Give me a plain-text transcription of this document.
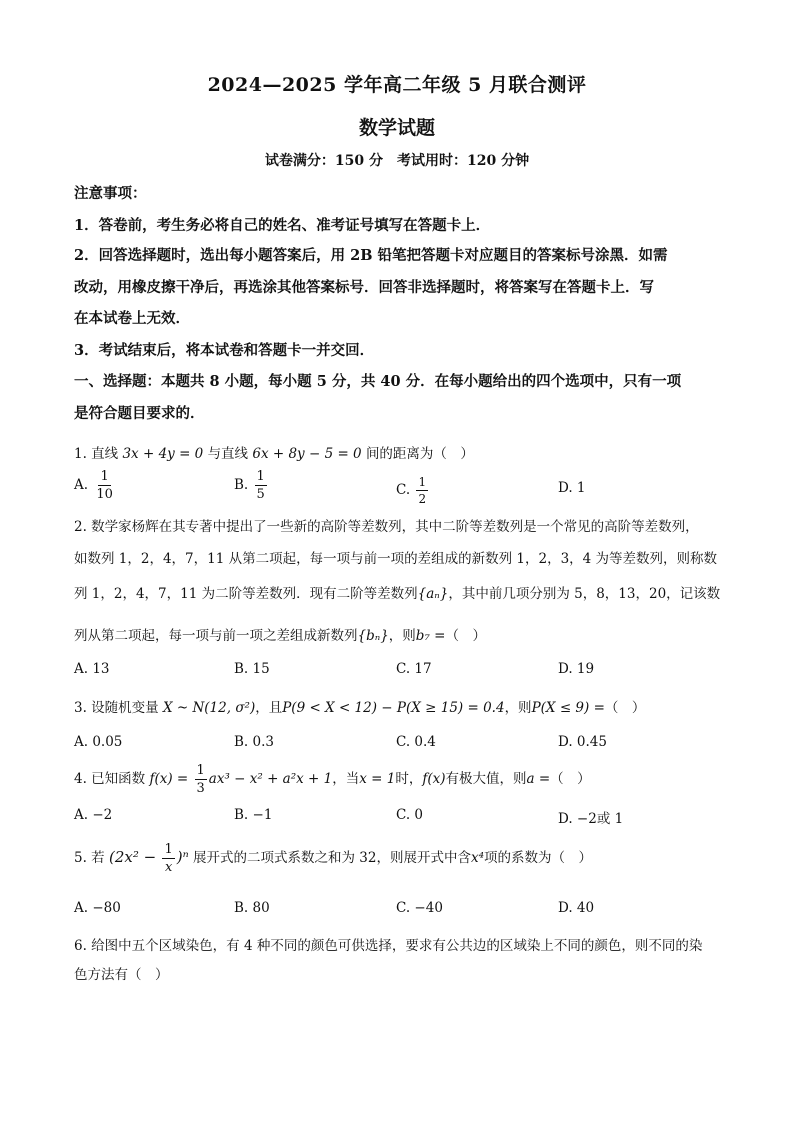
2024—2025 学年高二年级 5 月联合测评
数学试题
试卷满分：150 分　考试用时：120 分钟
注意事项：
1．答卷前，考生务必将自己的姓名、准考证号填写在答题卡上．
2．回答选择题时，选出每小题答案后，用 2B 铅笔把答题卡对应题目的答案标号涂黑．如需
改动，用橡皮擦干净后，再选涂其他答案标号．回答非选择题时，将答案写在答题卡上．写
在本试卷上无效．
3．考试结束后，将本试卷和答题卡一并交回．
一、选择题：本题共 8 小题，每小题 5 分，共 40 分．在每小题给出的四个选项中，只有一项
是符合题目要求的．
1. 直线 3x + 4y = 0 与直线 6x + 8y − 5 = 0 间的距离为（　）
A. $\frac{1}{10}$	B. $\frac{1}{5}$	C. $\frac{1}{2}$	D. 1
2. 数学家杨辉在其专著中提出了一些新的高阶等差数列，其中二阶等差数列是一个常见的高阶等差数列，
如数列 1，2，4，7，11 从第二项起，每一项与前一项的差组成的新数列 1，2，3，4 为等差数列，则称数
列 1，2，4，7，11 为二阶等差数列．现有二阶等差数列{aₙ}，其中前几项分别为 5，8，13，20，记该数
列从第二项起，每一项与前一项之差组成新数列{bₙ}，则b₇ =（　）
A. 13	B. 15	C. 17	D. 19
3. 设随机变量 X ~ N(12, σ²)，且P(9 < X < 12) − P(X ≥ 15) = 0.4，则P(X ≤ 9) =（　）
A. 0.05	B. 0.3	C. 0.4	D. 0.45
4. 已知函数 $f(x) = \frac{1}{3} ax^3 - x^2 + a^2x + 1$，当x = 1时，f(x)有极大值，则a =（　）
A. −2	B. −1	C. 0	D. −2或 1
5. 若 $(2x^2 - \frac{1}{x} )^n$ 展开式的二项式系数之和为 32，则展开式中含x⁴项的系数为（　）
A. −80	B. 80	C. −40	D. 40
6. 给图中五个区域染色，有 4 种不同的颜色可供选择，要求有公共边的区域染上不同的颜色，则不同的染
色方法有（　）
